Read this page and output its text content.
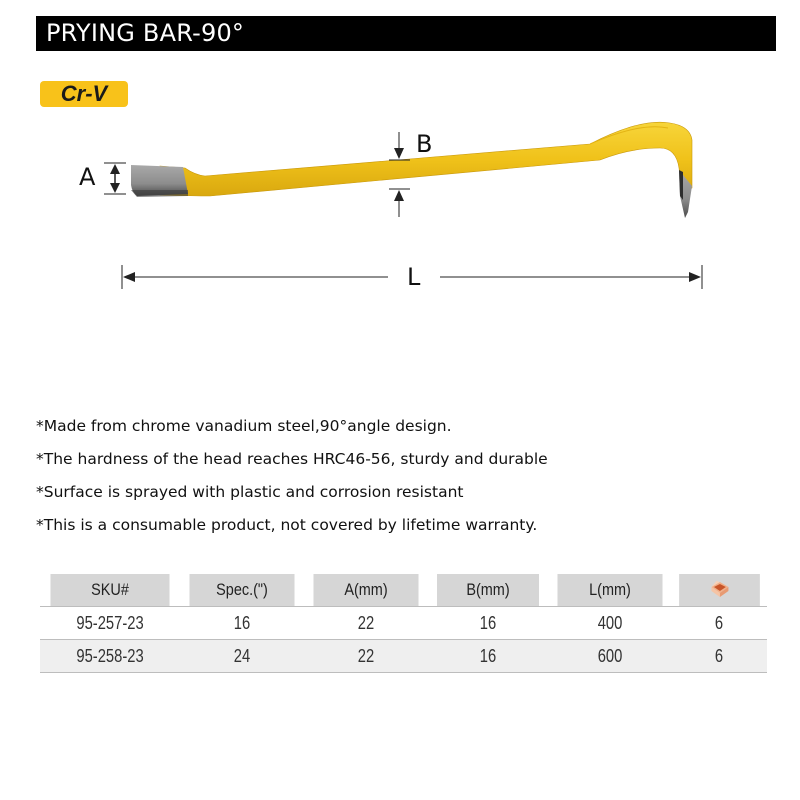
PRYING BAR-90°
Cr-V
A
B
L
*Made from chrome vanadium steel,90°angle design.
*The hardness of the head reaches HRC46-56, sturdy and durable
*Surface is sprayed with plastic and corrosion resistant
*This is a consumable product, not covered by lifetime warranty.
SKU#	Spec.(")	A(mm)	B(mm)	L(mm)	
95-257-23	16	22	16	400	6
95-258-23	24	22	16	600	6
